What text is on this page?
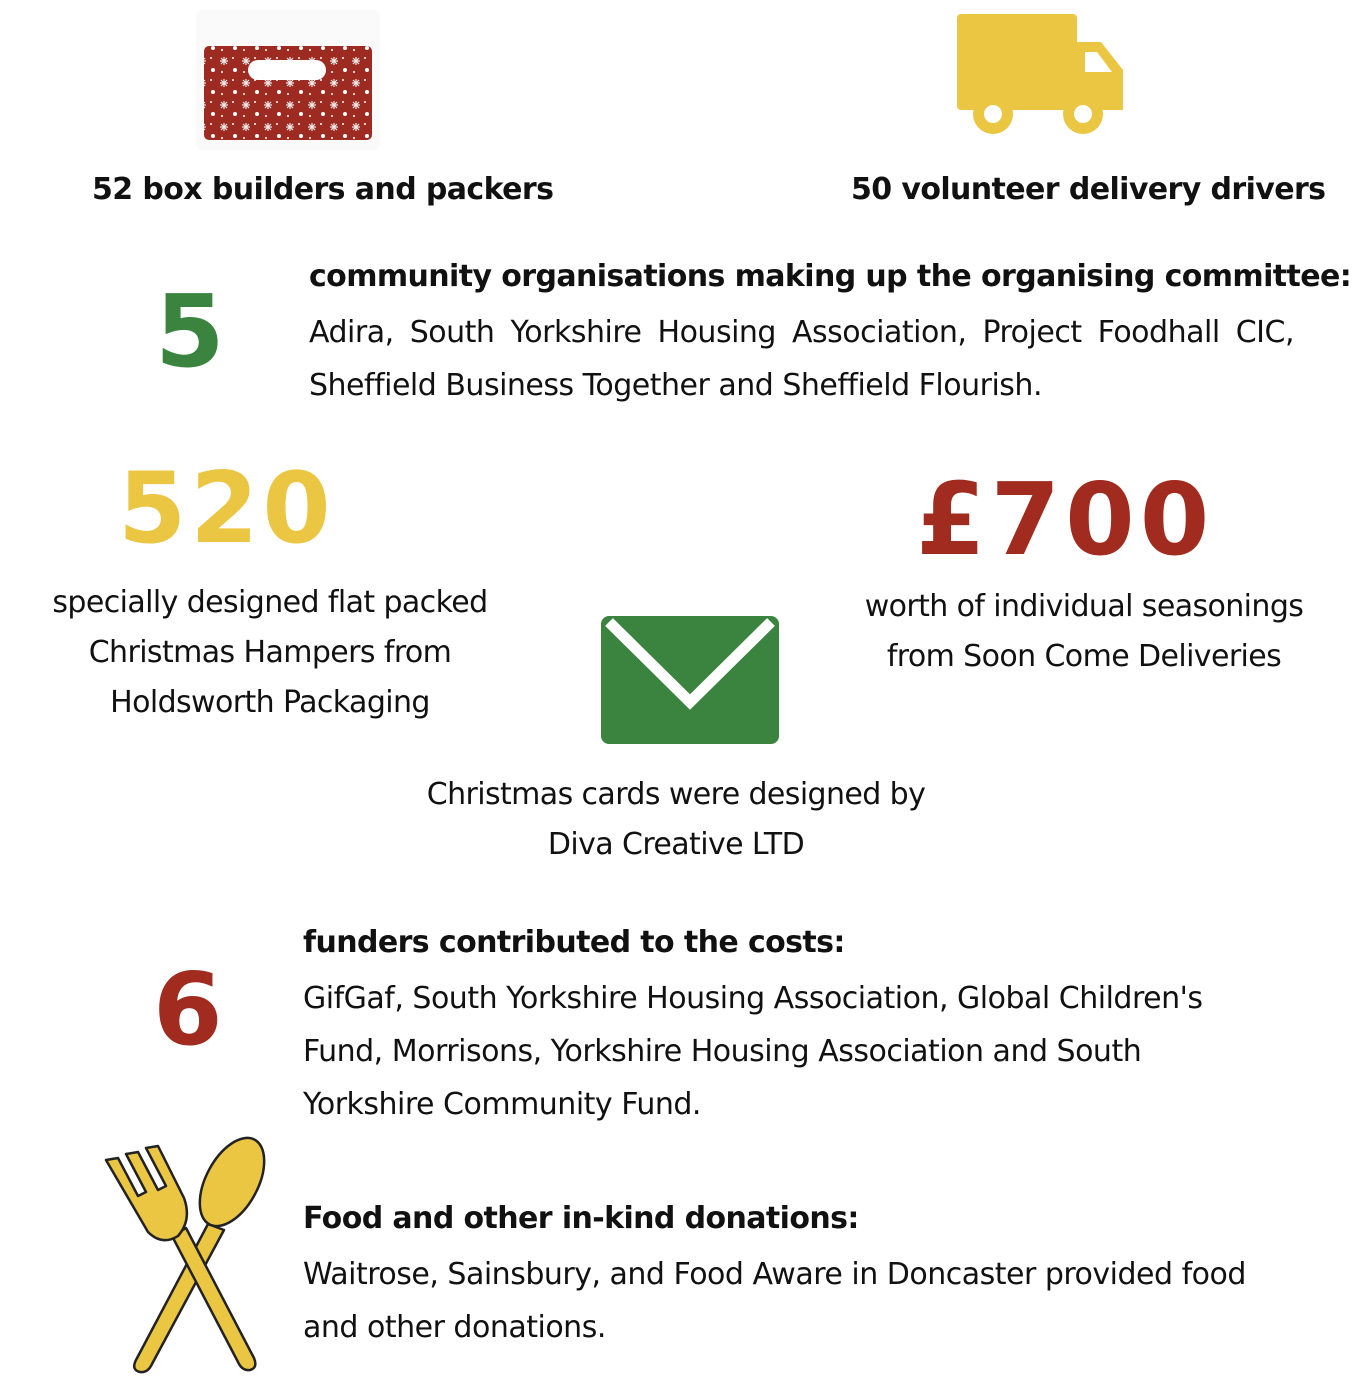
52 box builders and packers	50 volunteer delivery drivers
5	community organisations making up the organising committee:
Adira, South Yorkshire Housing Association, Project Foodhall CIC, Sheffield Business Together and Sheffield Flourish.
520
specially designed flat packed
Christmas Hampers from
Holdsworth Packaging
£700
worth of individual seasonings
from Soon Come Deliveries
Christmas cards were designed by
Diva Creative LTD
6
funders contributed to the costs:
GifGaf, South Yorkshire Housing Association, Global Children's Fund, Morrisons, Yorkshire Housing Association and South Yorkshire Community Fund.
Food and other in-kind donations:
Waitrose, Sainsbury, and Food Aware in Doncaster provided food and other donations.
